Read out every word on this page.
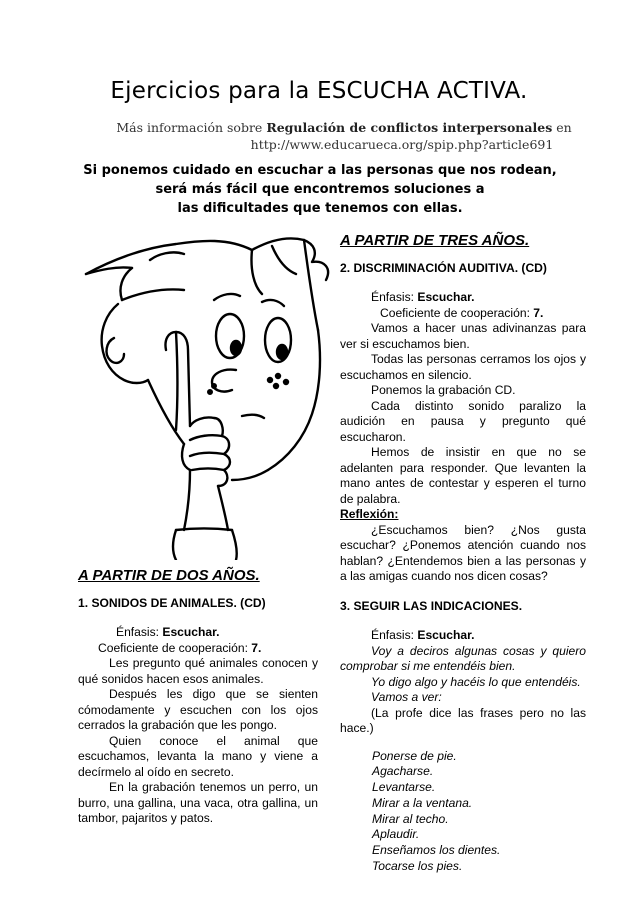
Ejercicios para la ESCUCHA ACTIVA.
Más información sobre Regulación de conflictos interpersonales en
http://www.educarueca.org/spip.php?article691
Si ponemos cuidado en escuchar a las personas que nos rodean,
será más fácil que encontremos soluciones a
las dificultades que tenemos con ellas.
A PARTIR DE TRES AÑOS.
2. DISCRIMINACIÓN AUDITIVA. (CD)
Énfasis: Escuchar.
Coeficiente de cooperación: 7.
Vamos a hacer unas adivinanzas para ver si escuchamos bien.
Todas las personas cerramos los ojos y escuchamos en silencio.
Ponemos la grabación CD.
Cada distinto sonido paralizo la audición en pausa y pregunto qué escucharon.
Hemos de insistir en que no se adelanten para responder. Que levanten la mano antes de contestar y esperen el turno de palabra.
Reflexión:
¿Escuchamos bien? ¿Nos gusta escuchar? ¿Ponemos atención cuando nos hablan? ¿Entendemos bien a las personas y a las amigas cuando nos dicen cosas?
3. SEGUIR LAS INDICACIONES.
Énfasis: Escuchar.
Voy a deciros algunas cosas y quiero comprobar si me entendéis bien.
Yo digo algo y hacéis lo que entendéis.
Vamos a ver:
(La profe dice las frases pero no las hace.)
Ponerse de pie.
Agacharse.
Levantarse.
Mirar a la ventana.
Mirar al techo.
Aplaudir.
Enseñamos los dientes.
Tocarse los pies.
A PARTIR DE DOS AÑOS.
1. SONIDOS DE ANIMALES. (CD)
Énfasis: Escuchar.
Coeficiente de cooperación: 7.
Les pregunto qué animales conocen y qué sonidos hacen esos animales.
Después les digo que se sienten cómodamente y escuchen con los ojos cerrados la grabación que les pongo.
Quien conoce el animal que escuchamos, levanta la mano y viene a decírmelo al oído en secreto.
En la grabación tenemos un perro, un burro, una gallina, una vaca, otra gallina, un tambor, pajaritos y patos.
